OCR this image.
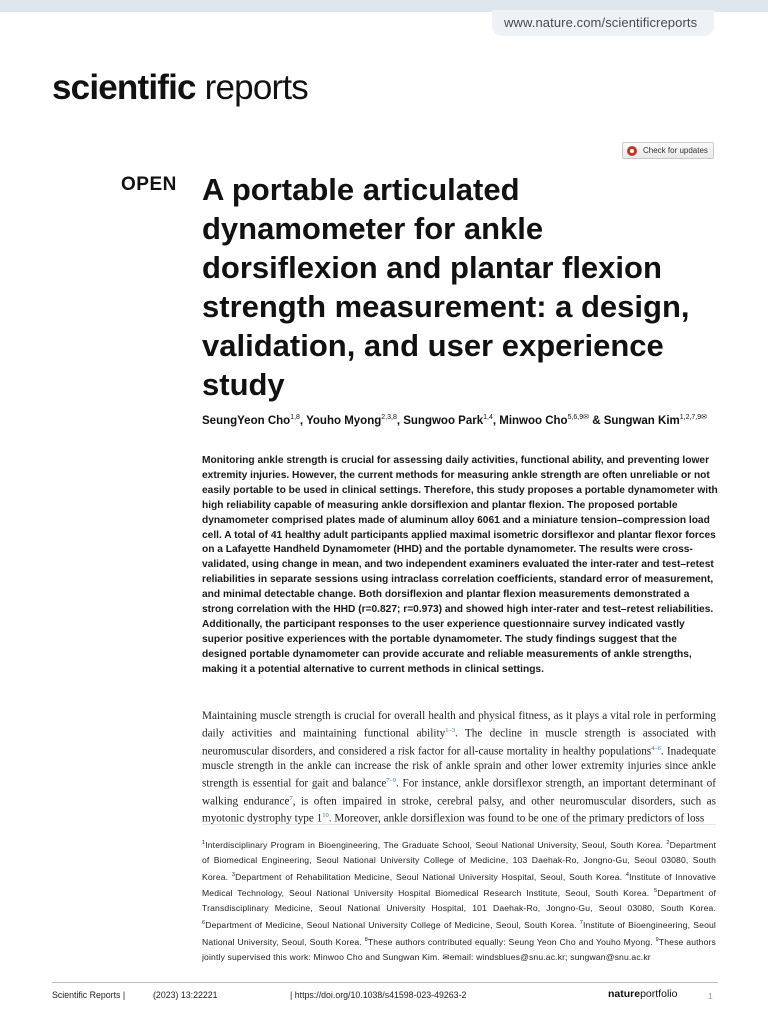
www.nature.com/scientificreports
scientific reports
Check for updates
OPEN A portable articulated dynamometer for ankle dorsiflexion and plantar flexion strength measurement: a design, validation, and user experience study
SeungYeon Cho$^{1,8}$, Youho Myong$^{2,3,8}$, Sungwoo Park$^{1,4}$, Minwoo Cho$^{5,6,9✉}$ & Sungwan Kim$^{1,2,7,9✉}$
Monitoring ankle strength is crucial for assessing daily activities, functional ability, and preventing lower extremity injuries. However, the current methods for measuring ankle strength are often unreliable or not easily portable to be used in clinical settings. Therefore, this study proposes a portable dynamometer with high reliability capable of measuring ankle dorsiflexion and plantar flexion. The proposed portable dynamometer comprised plates made of aluminum alloy 6061 and a miniature tension–compression load cell. A total of 41 healthy adult participants applied maximal isometric dorsiflexor and plantar flexor forces on a Lafayette Handheld Dynamometer (HHD) and the portable dynamometer. The results were cross-validated, using change in mean, and two independent examiners evaluated the inter-rater and test–retest reliabilities in separate sessions using intraclass correlation coefficients, standard error of measurement, and minimal detectable change. Both dorsiflexion and plantar flexion measurements demonstrated a strong correlation with the HHD (r=0.827; r=0.973) and showed high inter-rater and test–retest reliabilities. Additionally, the participant responses to the user experience questionnaire survey indicated vastly superior positive experiences with the portable dynamometer. The study findings suggest that the designed portable dynamometer can provide accurate and reliable measurements of ankle strengths, making it a potential alternative to current methods in clinical settings.

Maintaining muscle strength is crucial for overall health and physical fitness, as it plays a vital role in performing daily activities and maintaining functional ability$^{1-3}$. The decline in muscle strength is associated with neuromuscular disorders, and considered a risk factor for all-cause mortality in healthy populations$^{4-6}$. Inadequate muscle strength in the ankle can increase the risk of ankle sprain and other lower extremity injuries since ankle strength is essential for gait and balance$^{7-9}$. For instance, ankle dorsiflexor strength, an important determinant of walking endurance$^7$, is often impaired in stroke, cerebral palsy, and other neuromuscular disorders, such as myotonic dystrophy type $1^{10}$. Moreover, ankle dorsiflexion was found to be one of the primary predictors of loss

$^1$Interdisciplinary Program in Bioengineering, The Graduate School, Seoul National University, Seoul, South Korea. $^2$Department of Biomedical Engineering, Seoul National University College of Medicine, 103 Daehak-Ro, Jongno-Gu, Seoul 03080, South Korea. $^3$Department of Rehabilitation Medicine, Seoul National University Hospital, Seoul, South Korea. $^4$Institute of Innovative Medical Technology, Seoul National University Hospital Biomedical Research Institute, Seoul, South Korea. $^5$Department of Transdisciplinary Medicine, Seoul National University Hospital, 101 Daehak-Ro, Jongno-Gu, Seoul 03080, South Korea. $^6$Department of Medicine, Seoul National University College of Medicine, Seoul, South Korea. $^7$Institute of Bioengineering, Seoul National University, Seoul, South Korea. $^8$These authors contributed equally: Seung Yeon Cho and Youho Myong. $^9$These authors jointly supervised this work: Minwoo Cho and Sungwan Kim. ✉email: windsblues@snu.ac.kr; sungwan@snu.ac.kr
Scientific Reports |	(2023) 13:22221	| https://doi.org/10.1038/s41598-023-49263-2	natureportfolio	1
